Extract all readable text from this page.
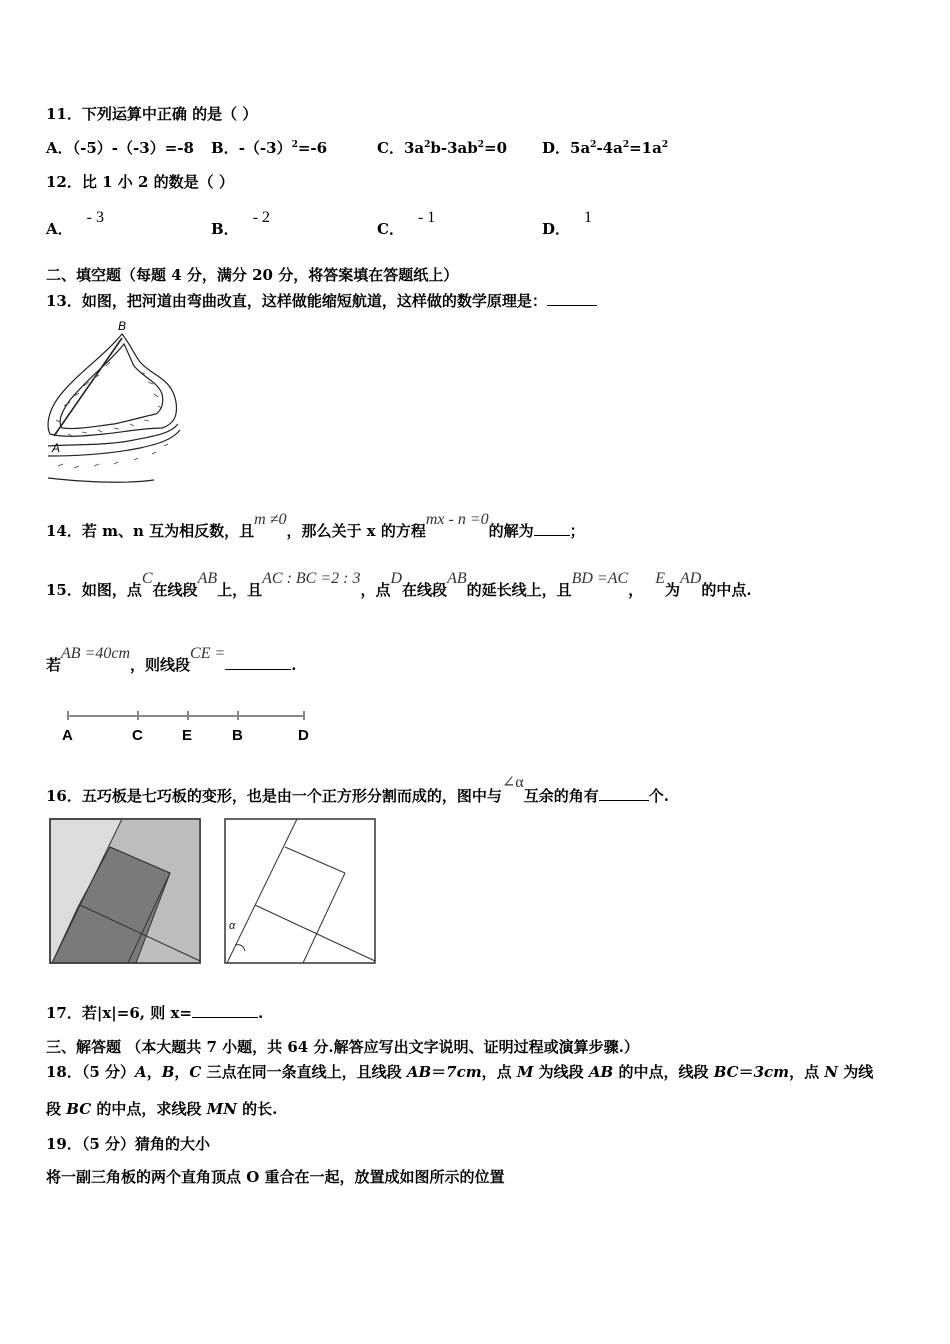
11．下列运算中正确 的是（ ）
A．（-5）-（-3）=-8 B．$-(-3)^2=-6$	C．$3a^2b-3ab^2=0$ D．$5a^2-4a^2=1a^2$
12．比 1 小 2 的数是（ ）
A．- 3
B．- 2
C．- 1
D．1
二、填空题（每题 4 分，满分 20 分，将答案填在答题纸上）
13．如图，把河道由弯曲改直，这样做能缩短航道，这样做的数学原理是：
B
A
14．若 m、n 互为相反数，且m ≠0，那么关于 x 的方程mx - n =0的解为 ；
15．如图，点C在线段AB上，且AC : BC =2 : 3，点D在线段AB的延长线上，且BD =AC，E为AD的中点.
若AB =40cm，则线段CE =.
A	C	E	B	D
16．五巧板是七巧板的变形，也是由一个正方形分割而成的，图中与∠α互余的角有	个.
α
17．若|x|=6, 则 x=	.
三、解答题 （本大题共 7 小题，共 64 分.解答应写出文字说明、证明过程或演算步骤.）
18．（5 分）A，B，C 三点在同一条直线上，且线段 AB＝7cm，点 M 为线段 AB 的中点，线段 BC＝3cm，点 N 为线
段 BC 的中点，求线段 MN 的长.
19．（5 分）猜角的大小
将一副三角板的两个直角顶点 O 重合在一起，放置成如图所示的位置
